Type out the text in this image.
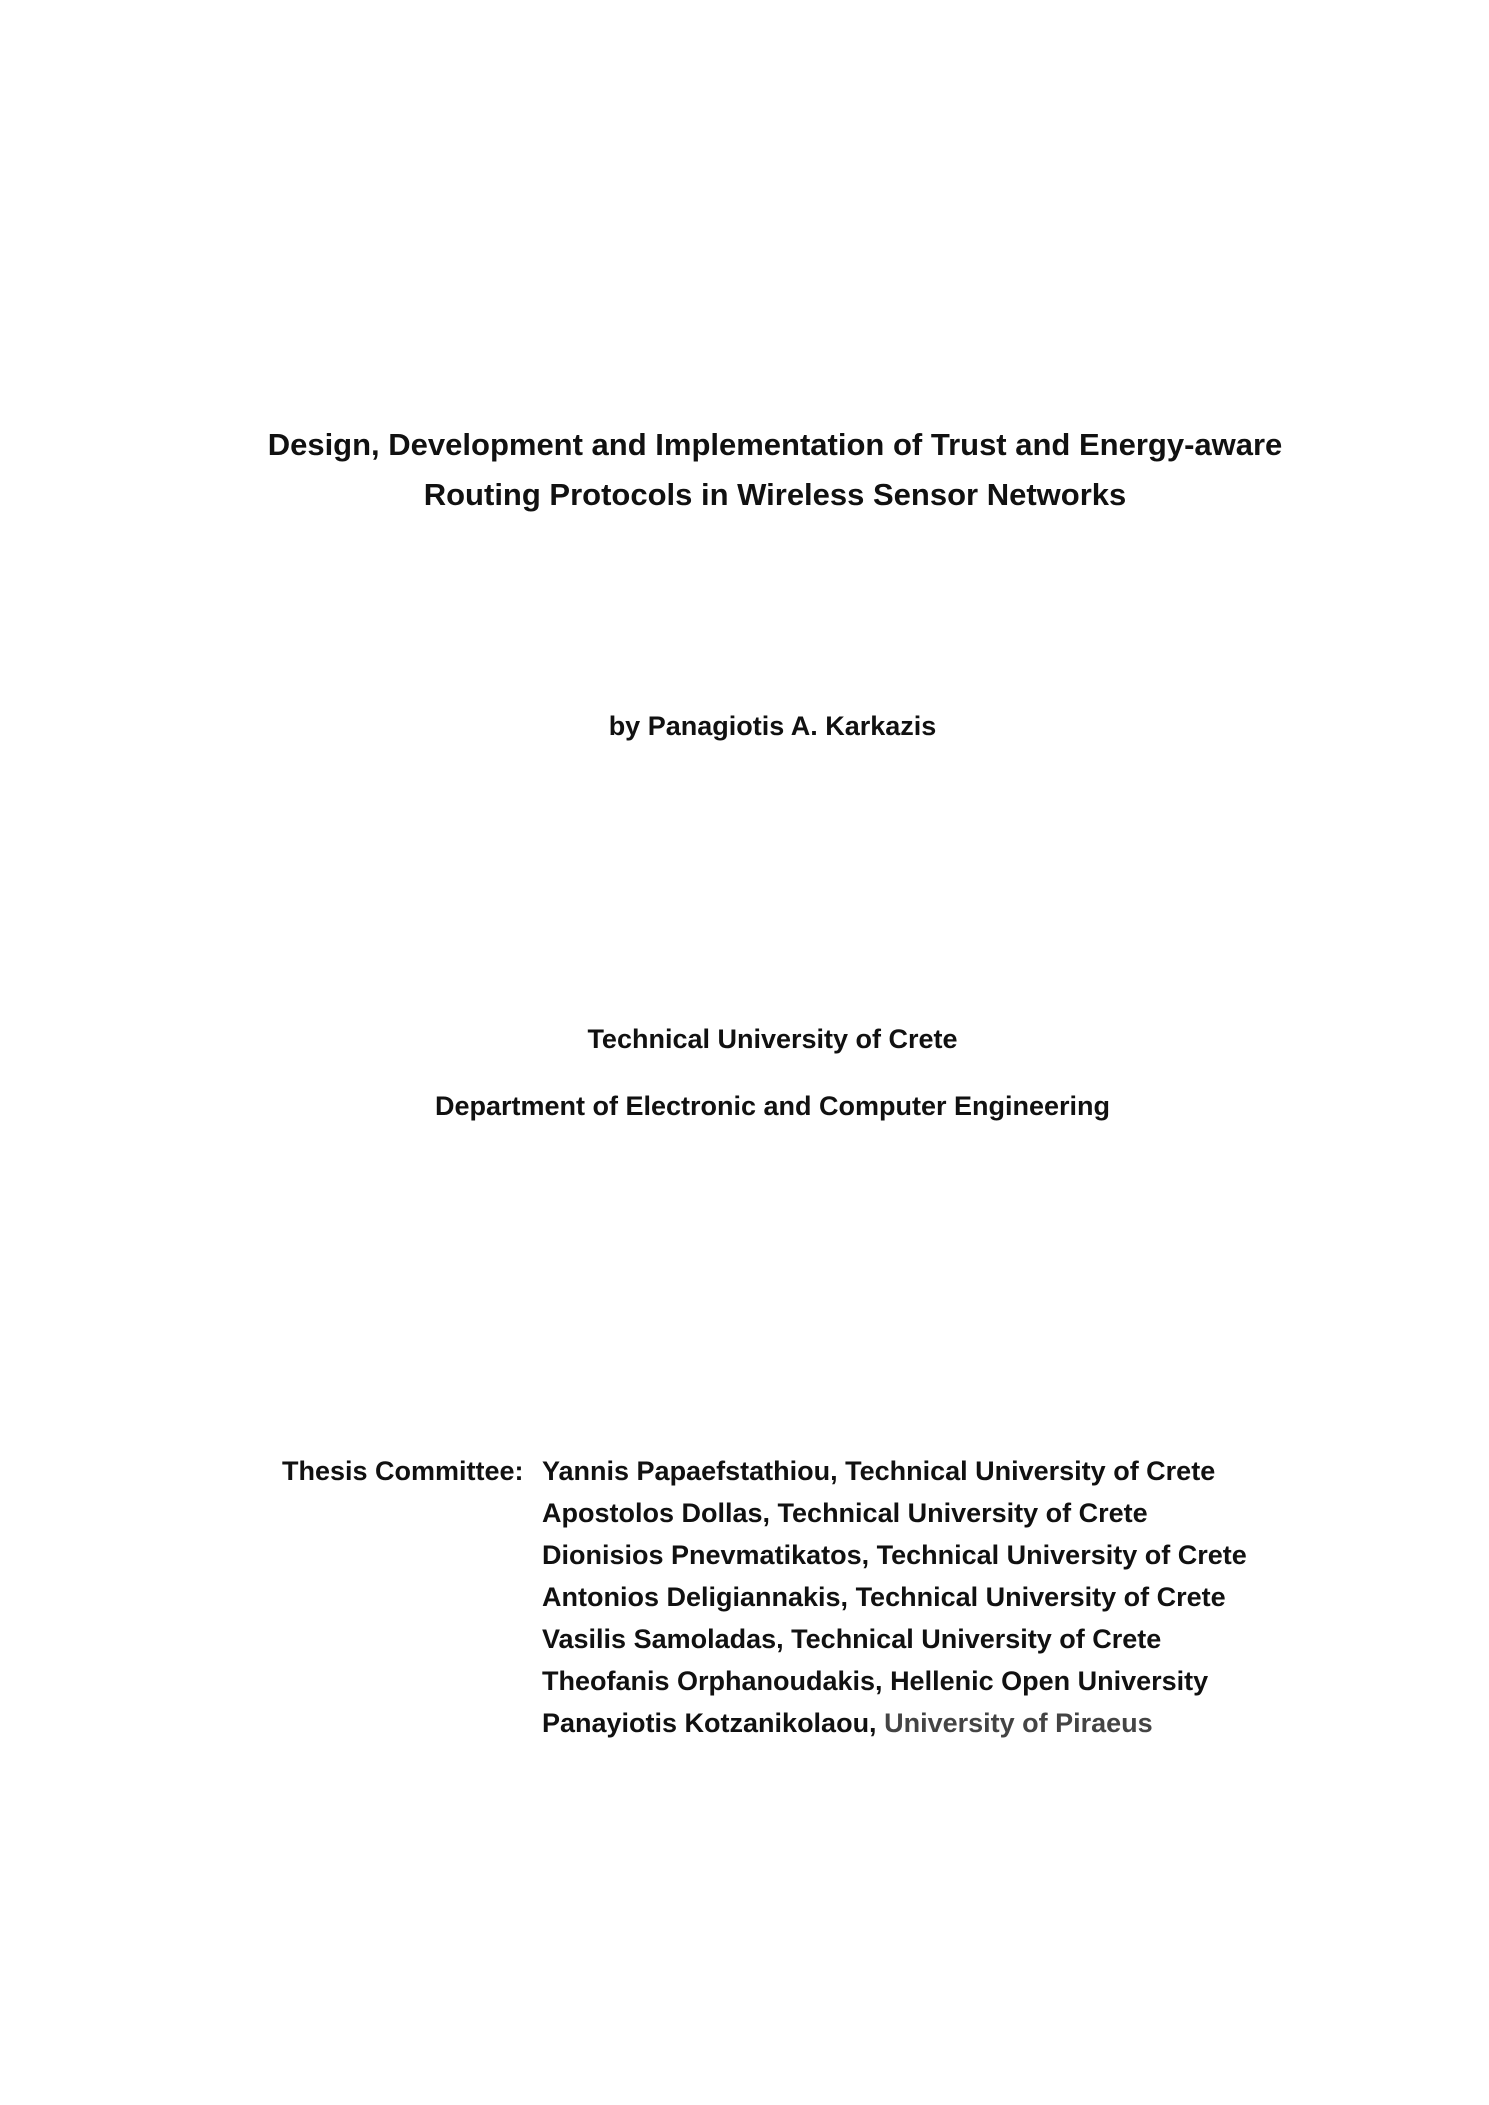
Design, Development and Implementation of Trust and Energy-aware
Routing Protocols in Wireless Sensor Networks
by Panagiotis A. Karkazis
Technical University of Crete
Department of Electronic and Computer Engineering
Thesis Committee: Yannis Papaefstathiou, Technical University of Crete
Apostolos Dollas, Technical University of Crete
Dionisios Pnevmatikatos, Technical University of Crete
Antonios Deligiannakis, Technical University of Crete
Vasilis Samoladas, Technical University of Crete
Theofanis Orphanoudakis, Hellenic Open University
Panayiotis Kotzanikolaou, University of Piraeus
